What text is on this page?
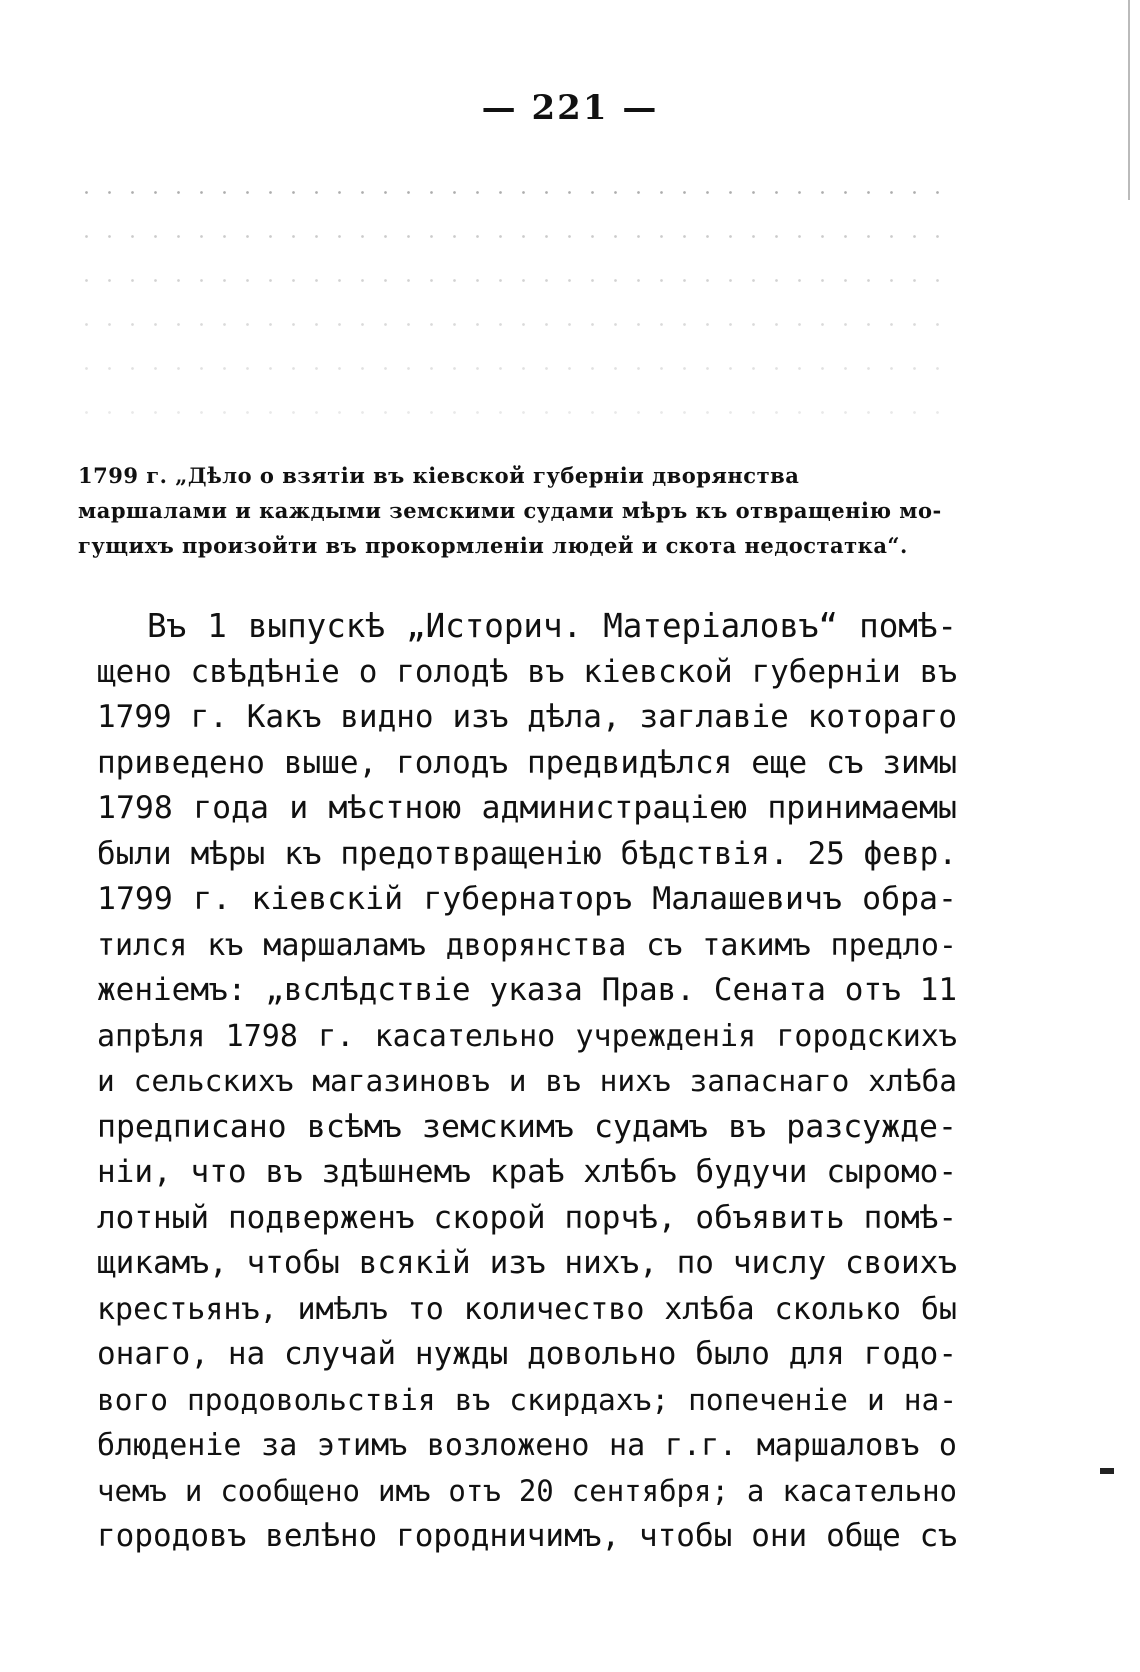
— 221 —
1799 г. „Дѣло о взятіи въ кіевской губерніи дворянства
маршалами и каждыми земскими судами мѣръ къ отвращенію мо-
гущихъ произойти въ прокормленіи людей и скота недостатка“.
Въ 1 выпускѣ „Историч. Матеріаловъ“ помѣ-
щено свѣдѣніе о голодѣ въ кіевской губерніи въ
1799 г. Какъ видно изъ дѣла, заглавіе котораго
приведено выше, голодъ предвидѣлся еще съ зимы
1798 года и мѣстною администраціею принимаемы
были мѣры къ предотвращенію бѣдствія. 25 февр.
1799 г. кіевскій губернаторъ Малашевичъ обра-
тился къ маршаламъ дворянства съ такимъ предло-
женіемъ: „вслѣдствіе указа Прав. Сената отъ 11
апрѣля 1798 г. касательно учрежденія городскихъ
и сельскихъ магазиновъ и въ нихъ запаснаго хлѣба
предписано всѣмъ земскимъ судамъ въ разсужде-
ніи, что въ здѣшнемъ краѣ хлѣбъ будучи сыромо-
лотный подверженъ скорой порчѣ, объявить помѣ-
щикамъ, чтобы всякій изъ нихъ, по числу своихъ
крестьянъ, имѣлъ то количество хлѣба сколько бы
онаго, на случай нужды довольно было для годо-
вого продовольствія въ скирдахъ; попеченіе и на-
блюденіе за этимъ возложено на г.г. маршаловъ о
чемъ и сообщено имъ отъ 20 сентября; а касательно
городовъ велѣно городничимъ, чтобы они обще съ
